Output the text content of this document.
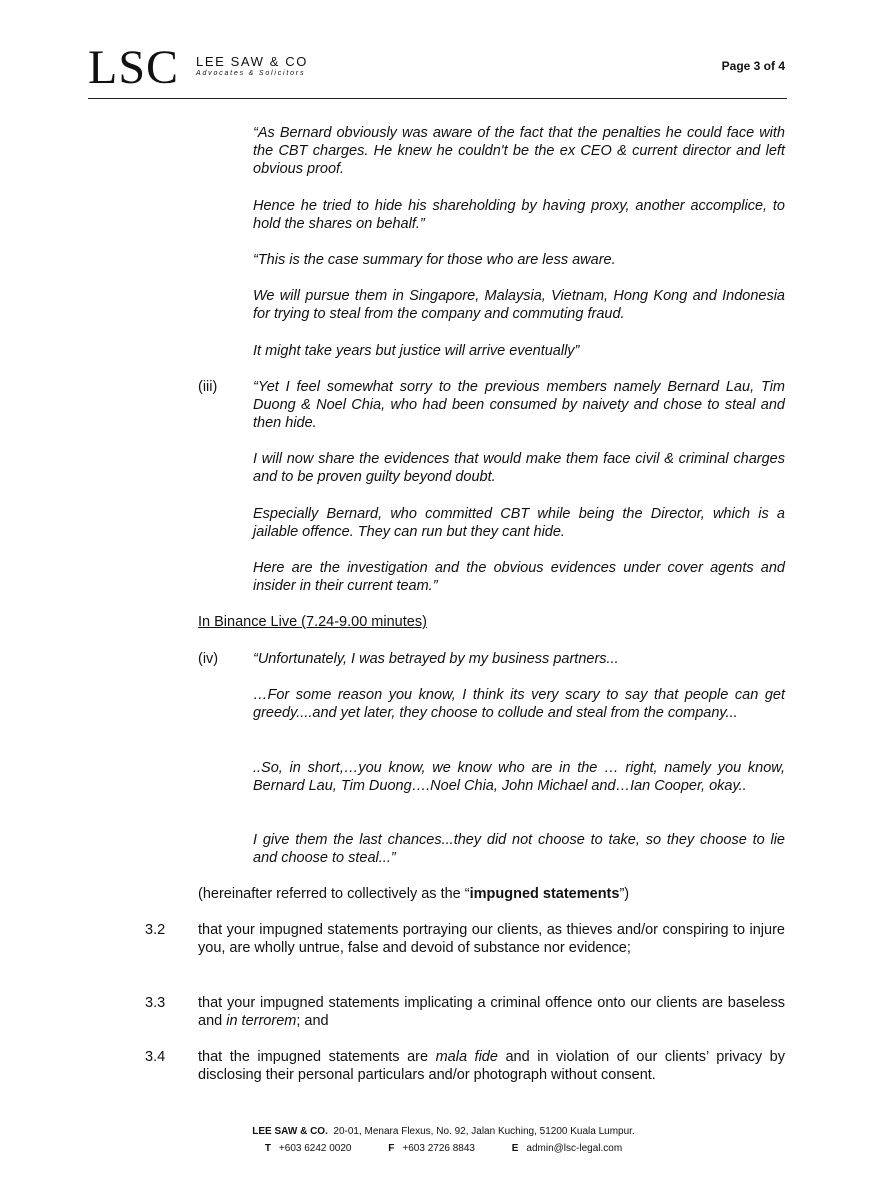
LSC LEE SAW & CO
Advocates & Solicitors
Page 3 of 4
“As Bernard obviously was aware of the fact that the penalties he could face with the CBT charges. He knew he couldn't be the ex CEO & current director and left obvious proof.
Hence he tried to hide his shareholding by having proxy, another accomplice, to hold the shares on behalf.”
“This is the case summary for those who are less aware.
We will pursue them in Singapore, Malaysia, Vietnam, Hong Kong and Indonesia for trying to steal from the company and commuting fraud.
It might take years but justice will arrive eventually”
(iii) “Yet I feel somewhat sorry to the previous members namely Bernard Lau, Tim Duong & Noel Chia, who had been consumed by naivety and chose to steal and then hide.
I will now share the evidences that would make them face civil & criminal charges and to be proven guilty beyond doubt.
Especially Bernard, who committed CBT while being the Director, which is a jailable offence. They can run but they cant hide.
Here are the investigation and the obvious evidences under cover agents and insider in their current team.”
In Binance Live (7.24-9.00 minutes)
(iv) “Unfortunately, I was betrayed by my business partners...
…For some reason you know, I think its very scary to say that people can get greedy....and yet later, they choose to collude and steal from the company...
..So, in short,…you know, we know who are in the … right, namely you know, Bernard Lau, Tim Duong….Noel Chia, John Michael and…Ian Cooper, okay..
I give them the last chances...they did not choose to take, so they choose to lie and choose to steal...”
(hereinafter referred to collectively as the “impugned statements”)
3.2 that your impugned statements portraying our clients, as thieves and/or conspiring to injure you, are wholly untrue, false and devoid of substance nor evidence;
3.3 that your impugned statements implicating a criminal offence onto our clients are baseless and in terrorem; and
3.4 that the impugned statements are mala fide and in violation of our clients’ privacy by disclosing their personal particulars and/or photograph without consent.
LEE SAW & CO. 20-01, Menara Flexus, No. 92, Jalan Kuching, 51200 Kuala Lumpur.
T +603 6242 0020	F +603 2726 8843	E admin@lsc-legal.com
